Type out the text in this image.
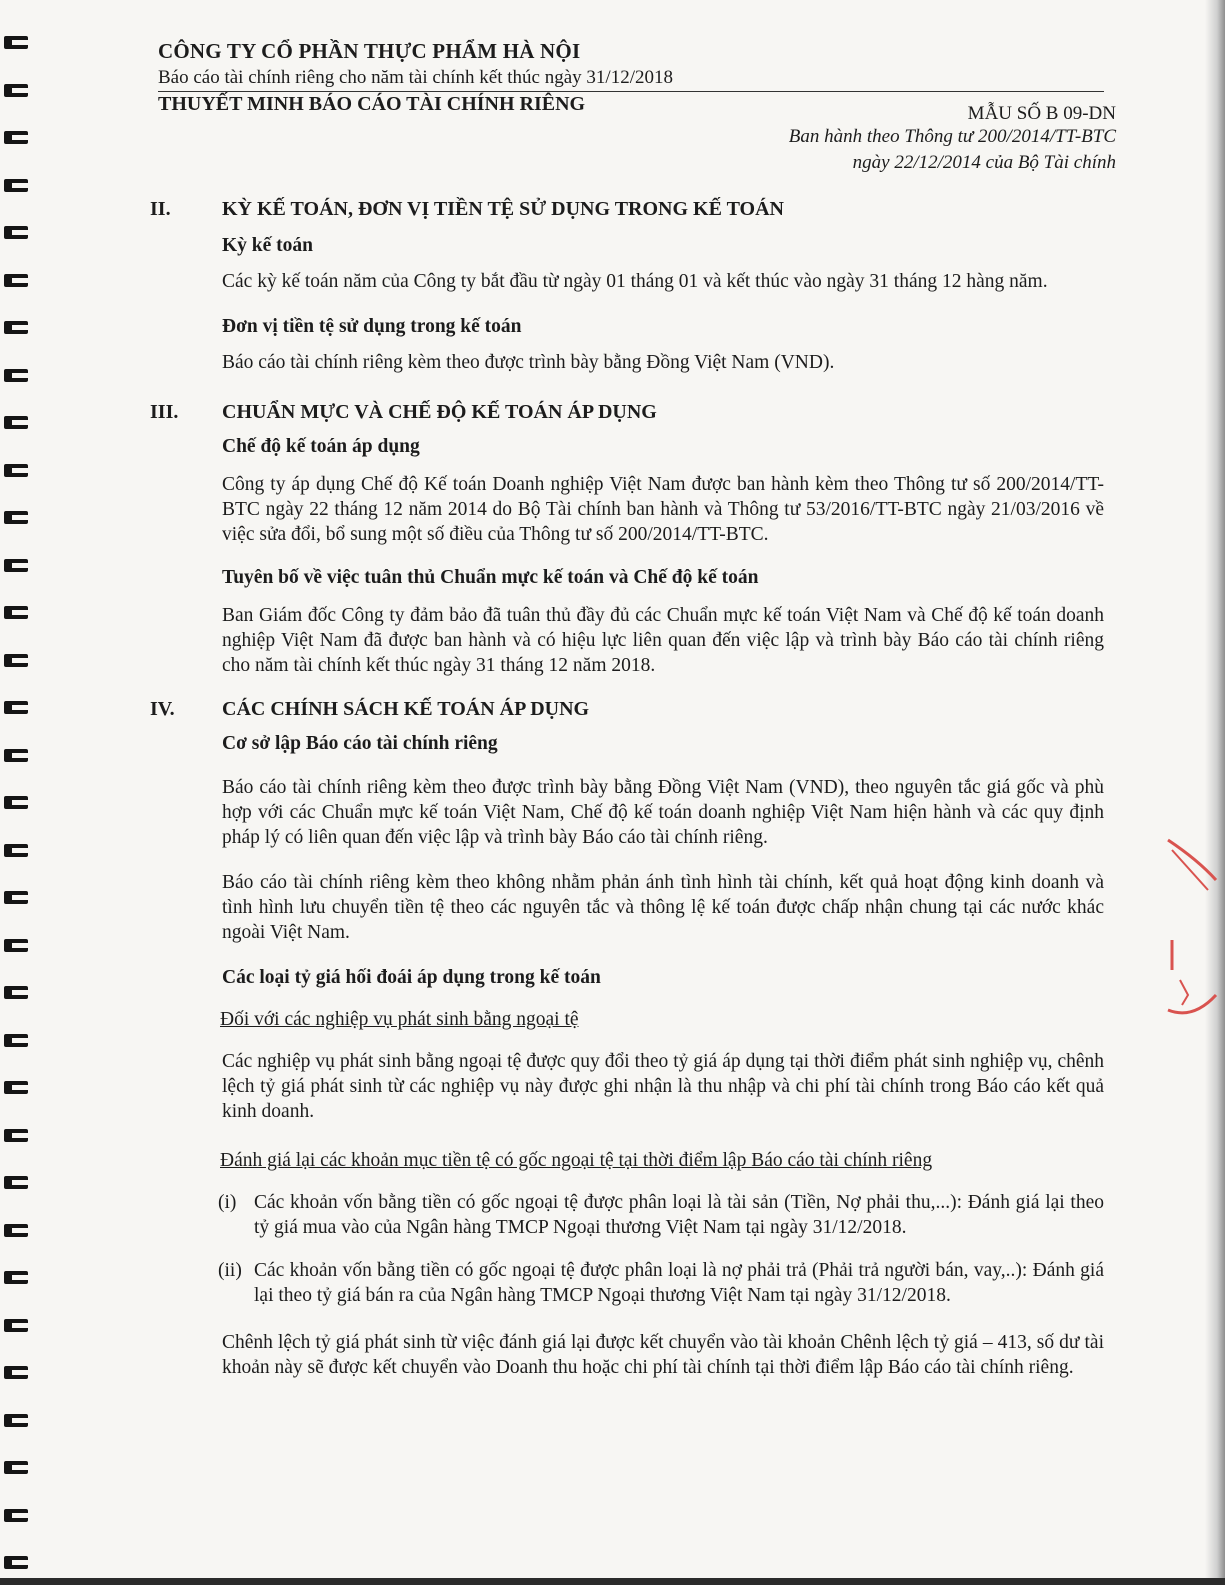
CÔNG TY CỔ PHẦN THỰC PHẨM HÀ NỘI
Báo cáo tài chính riêng cho năm tài chính kết thúc ngày 31/12/2018
THUYẾT MINH BÁO CÁO TÀI CHÍNH RIÊNG	MẪU SỐ B 09-DN
Ban hành theo Thông tư 200/2014/TT-BTC
ngày 22/12/2014 của Bộ Tài chính
II.	KỲ KẾ TOÁN, ĐƠN VỊ TIỀN TỆ SỬ DỤNG TRONG KẾ TOÁN
Kỳ kế toán

Các kỳ kế toán năm của Công ty bắt đầu từ ngày 01 tháng 01 và kết thúc vào ngày 31 tháng 12 hàng năm.

Đơn vị tiền tệ sử dụng trong kế toán

Báo cáo tài chính riêng kèm theo được trình bày bằng Đồng Việt Nam (VND).

III. CHUẨN MỰC VÀ CHẾ ĐỘ KẾ TOÁN ÁP DỤNG
Chế độ kế toán áp dụng

Công ty áp dụng Chế độ Kế toán Doanh nghiệp Việt Nam được ban hành kèm theo Thông tư số 200/2014/TT-BTC ngày 22 tháng 12 năm 2014 do Bộ Tài chính ban hành và Thông tư 53/2016/TT-BTC ngày 21/03/2016 về việc sửa đổi, bổ sung một số điều của Thông tư số 200/2014/TT-BTC.

Tuyên bố về việc tuân thủ Chuẩn mực kế toán và Chế độ kế toán

Ban Giám đốc Công ty đảm bảo đã tuân thủ đầy đủ các Chuẩn mực kế toán Việt Nam và Chế độ kế toán doanh nghiệp Việt Nam đã được ban hành và có hiệu lực liên quan đến việc lập và trình bày Báo cáo tài chính riêng cho năm tài chính kết thúc ngày 31 tháng 12 năm 2018.

IV. CÁC CHÍNH SÁCH KẾ TOÁN ÁP DỤNG
Cơ sở lập Báo cáo tài chính riêng

Báo cáo tài chính riêng kèm theo được trình bày bằng Đồng Việt Nam (VND), theo nguyên tắc giá gốc và phù hợp với các Chuẩn mực kế toán Việt Nam, Chế độ kế toán doanh nghiệp Việt Nam hiện hành và các quy định pháp lý có liên quan đến việc lập và trình bày Báo cáo tài chính riêng.

Báo cáo tài chính riêng kèm theo không nhằm phản ánh tình hình tài chính, kết quả hoạt động kinh doanh và tình hình lưu chuyển tiền tệ theo các nguyên tắc và thông lệ kế toán được chấp nhận chung tại các nước khác ngoài Việt Nam.

Các loại tỷ giá hối đoái áp dụng trong kế toán
Đối với các nghiệp vụ phát sinh bằng ngoại tệ

Các nghiệp vụ phát sinh bằng ngoại tệ được quy đổi theo tỷ giá áp dụng tại thời điểm phát sinh nghiệp vụ, chênh lệch tỷ giá phát sinh từ các nghiệp vụ này được ghi nhận là thu nhập và chi phí tài chính trong Báo cáo kết quả kinh doanh.

Đánh giá lại các khoản mục tiền tệ có gốc ngoại tệ tại thời điểm lập Báo cáo tài chính riêng
(i) Các khoản vốn bằng tiền có gốc ngoại tệ được phân loại là tài sản (Tiền, Nợ phải thu,...): Đánh giá lại theo tỷ giá mua vào của Ngân hàng TMCP Ngoại thương Việt Nam tại ngày 31/12/2018.
(ii) Các khoản vốn bằng tiền có gốc ngoại tệ được phân loại là nợ phải trả (Phải trả người bán, vay,..): Đánh giá lại theo tỷ giá bán ra của Ngân hàng TMCP Ngoại thương Việt Nam tại ngày 31/12/2018.

Chênh lệch tỷ giá phát sinh từ việc đánh giá lại được kết chuyển vào tài khoản Chênh lệch tỷ giá – 413, số dư tài khoản này sẽ được kết chuyển vào Doanh thu hoặc chi phí tài chính tại thời điểm lập Báo cáo tài chính riêng.
